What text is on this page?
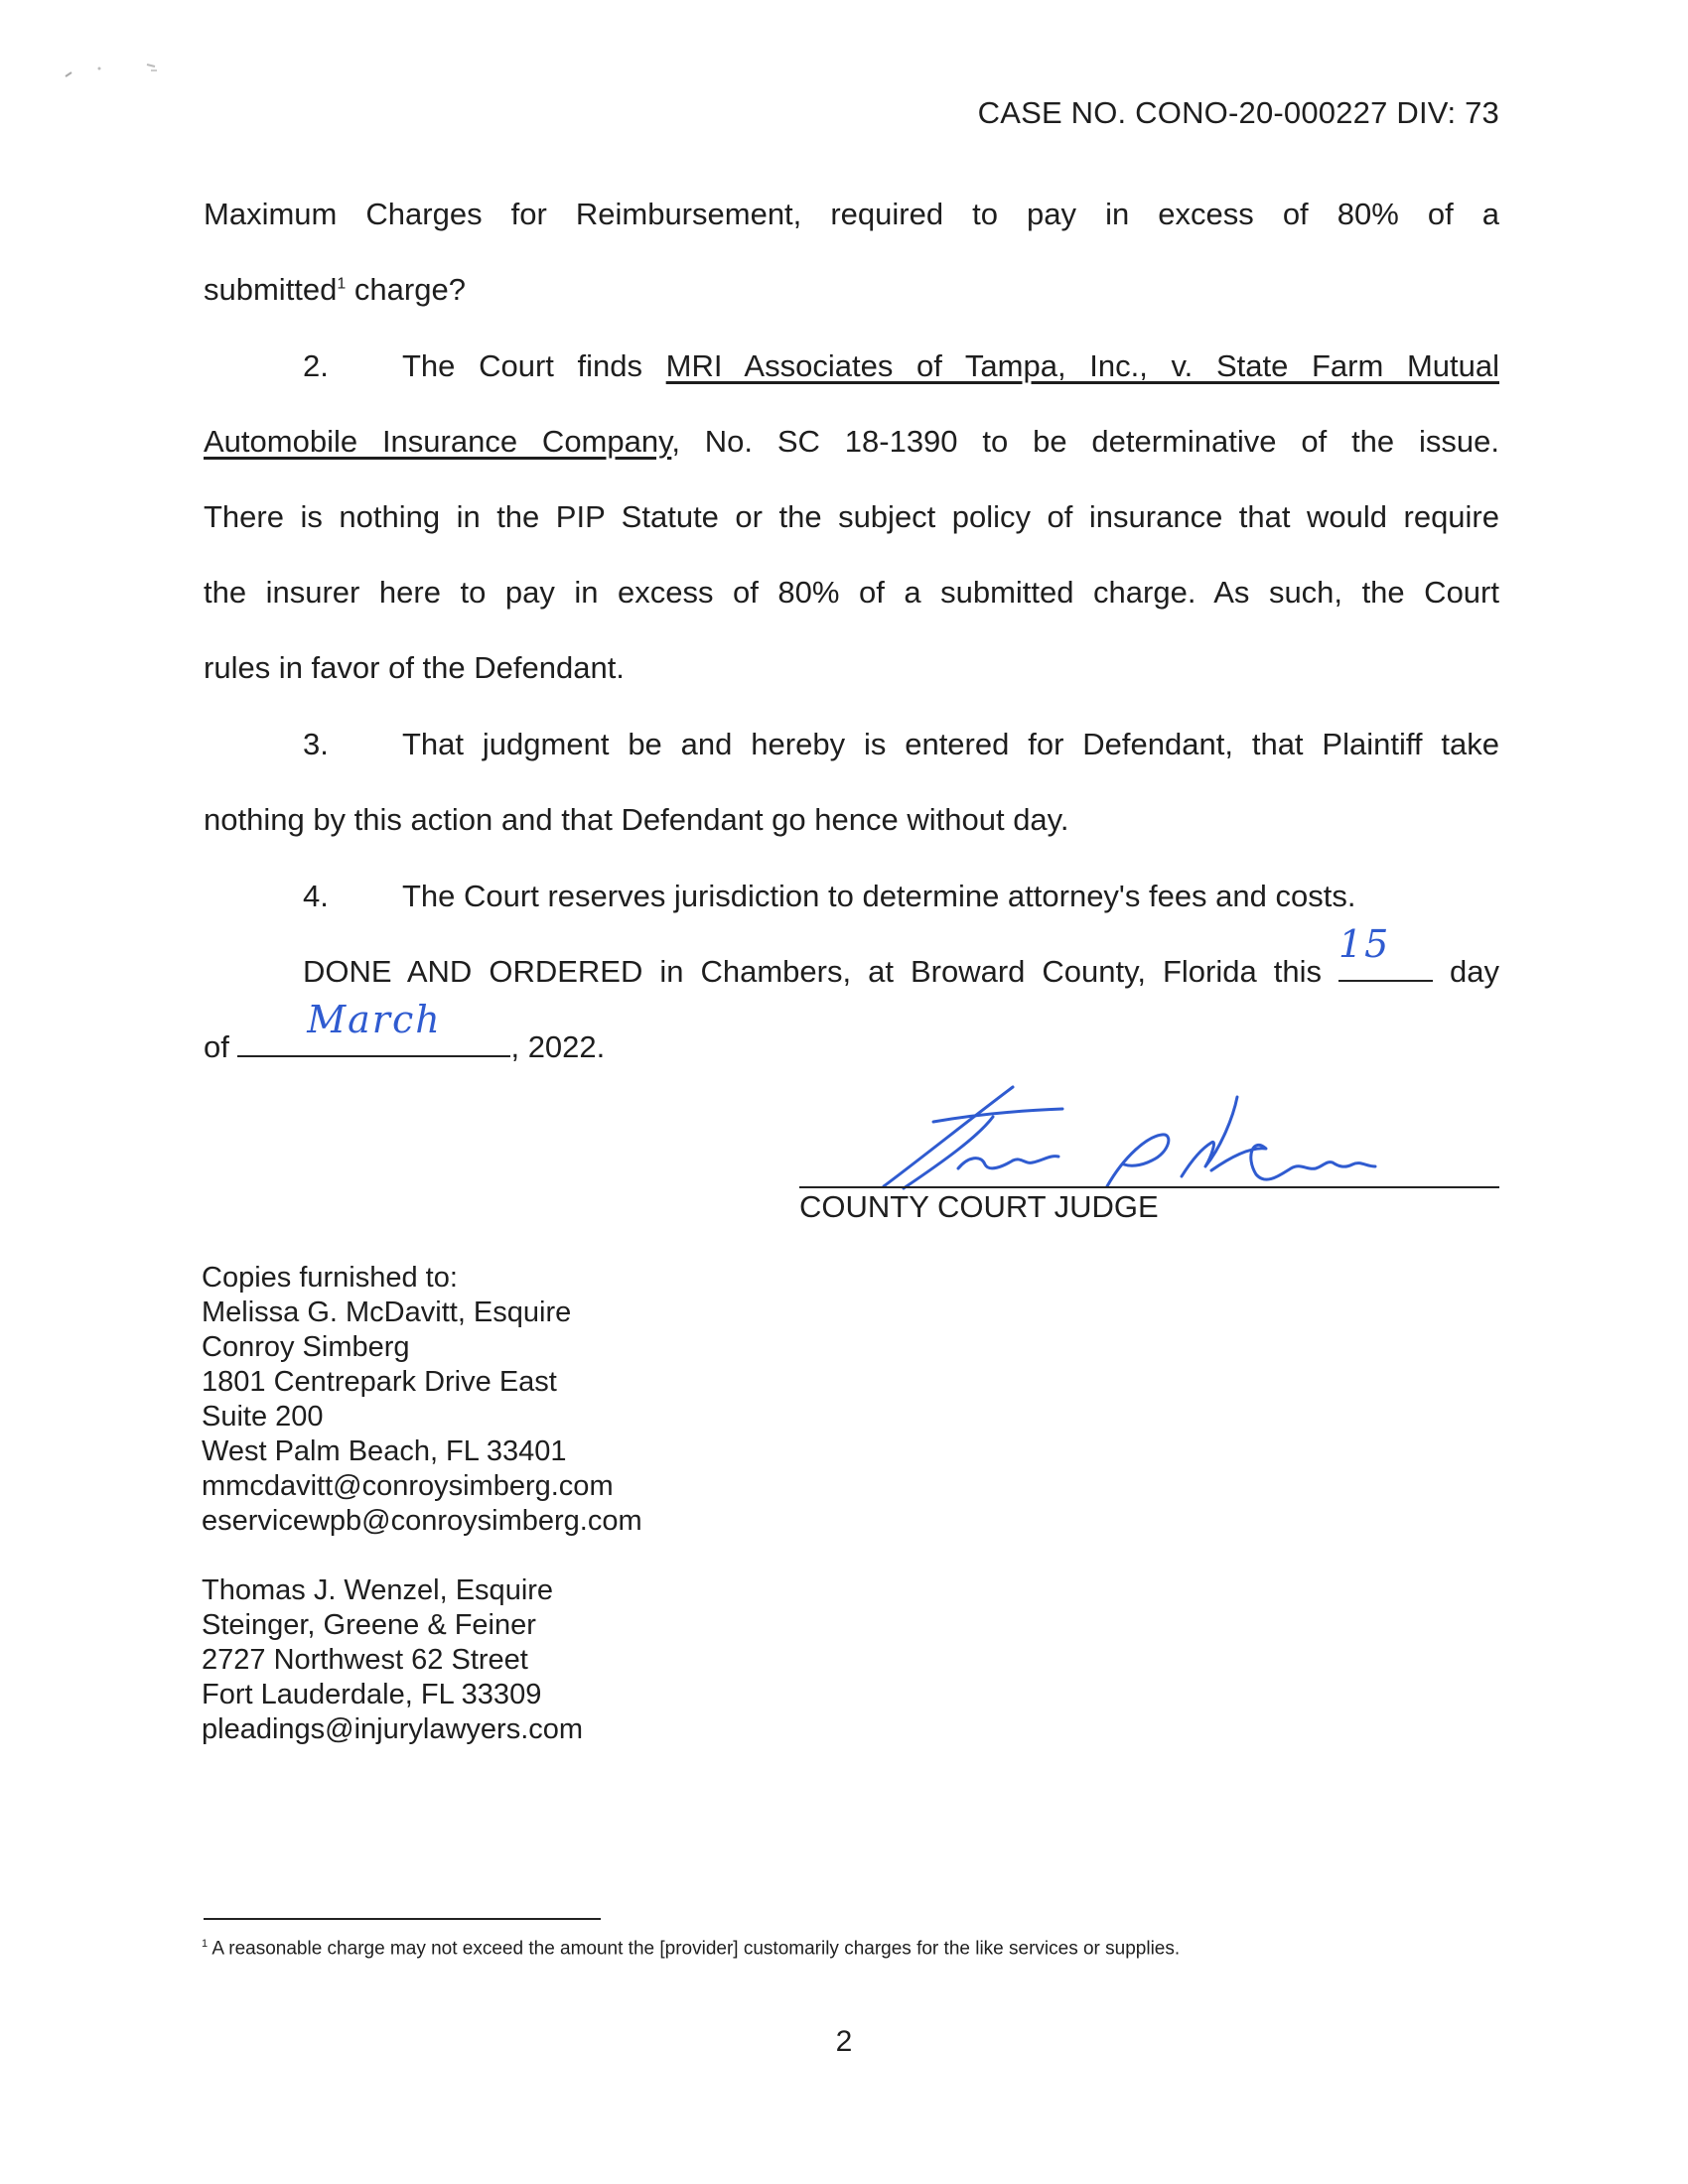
CASE NO. CONO-20-000227 DIV: 73
Maximum Charges for Reimbursement, required to pay in excess of 80% of a
submitted$^1$ charge?
2. The Court finds MRI Associates of Tampa, Inc., v. State Farm Mutual
Automobile Insurance Company, No. SC 18-1390 to be determinative of the issue.
There is nothing in the PIP Statute or the subject policy of insurance that would require
the insurer here to pay in excess of 80% of a submitted charge. As such, the Court
rules in favor of the Defendant.
3. That judgment be and hereby is entered for Defendant, that Plaintiff take
nothing by this action and that Defendant go hence without day.
4. The Court reserves jurisdiction to determine attorney's fees and costs.
DONE AND ORDERED in Chambers, at Broward County, Florida this
15
day
of
March
, 2022.
COUNTY COURT JUDGE
Copies furnished to:
Melissa G. McDavitt, Esquire
Conroy Simberg
1801 Centrepark Drive East
Suite 200
West Palm Beach, FL 33401
mmcdavitt@conroysimberg.com
eservicewpb@conroysimberg.com
Thomas J. Wenzel, Esquire
Steinger, Greene & Feiner
2727 Northwest 62 Street
Fort Lauderdale, FL 33309
pleadings@injurylawyers.com
$^1$ A reasonable charge may not exceed the amount the [provider] customarily charges for the like services or supplies.
2
